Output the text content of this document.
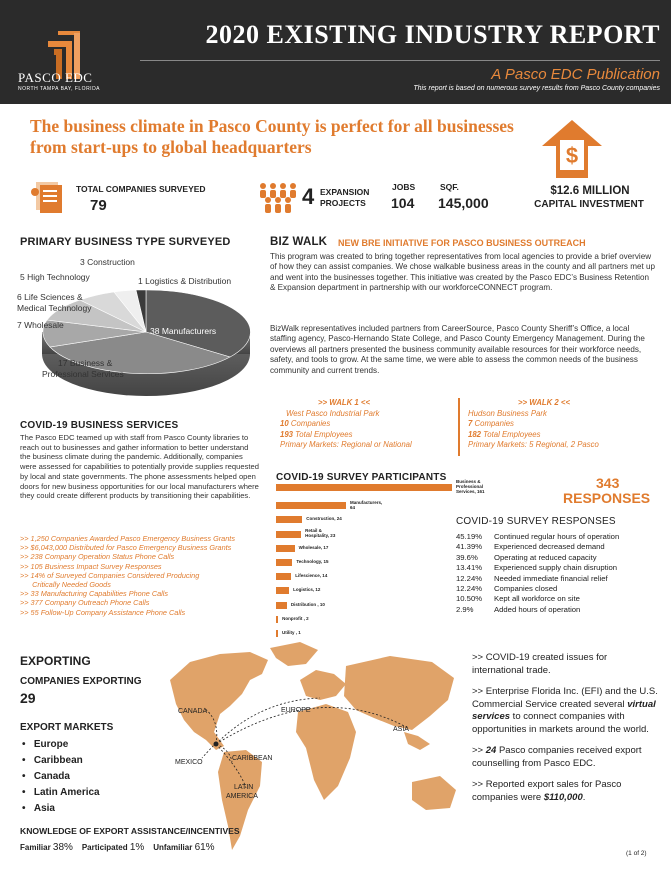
PASCO EDC
NORTH TAMPA BAY, FLORIDA
2020 EXISTING INDUSTRY REPORT
A Pasco EDC Publication
This report is based on numerous survey results from Pasco County companies
The business climate in Pasco County is perfect for all businesses from start-ups to global headquarters	$
TOTAL COMPANIES SURVEYED
79	4 EXPANSION
PROJECTS
JOBS
104
SQF.
145,000
$12.6 MILLION
CAPITAL INVESTMENT
PRIMARY BUSINESS TYPE SURVEYED
3 Construction
5 High Technology	1 Logistics & Distribution
6 Life Sciences &
Medical Technology
7 Wholesale
38 Manufacturers
17 Business &
Professional Services
BIZ WALK NEW BRE INITIATIVE FOR PASCO BUSINESS OUTREACH
This program was created to bring together representatives from local agencies to provide a brief overview of how they can assist companies. We chose walkable business areas in the county and all partners met up and went into the businesses together. This initiative was created by the Pasco EDC’s Business Retention & Expansion department in partnership with our workforceCONNECT program.
BizWalk representatives included partners from CareerSource, Pasco County Sheriff’s Office, a local staffing agency, Pasco-Hernando State College, and Pasco County Emergency Management. During the overviews all partners presented the business community available resources for their workforce needs, safety, and tools to grow. At the same time, we were able to assess the common needs of the business community and current trends.
>> WALK 1 <<
West Pasco Industrial Park
10 Companies
193 Total Employees
Primary Markets: Regional or National
>> WALK 2 <<
Hudson Business Park
7 Companies
182 Total Employees
Primary Markets: 5 Regional, 2 Pasco
COVID-19 BUSINESS SERVICES
The Pasco EDC teamed up with staff from Pasco County libraries to reach out to businesses and gather information to better understand the business climate during the pandemic. Additionally, companies were assessed for capabilities to potentially provide supplies requested by local and state governments. The phone assessments helped open doors for new business opportunities for our local manufacturers where they could create different products by transitioning their capabilities.
>> 1,250 Companies Awarded Pasco Emergency Business Grants
>> $6,043,000 Distributed for Pasco Emergency Business Grants
>> 238 Company Operation Status Phone Calls
>> 105 Business Impact Survey Responses
>> 14% of Surveyed Companies Considered Producing
Critically Needed Goods
>> 33 Manufacturing Capabilities Phone Calls
>> 377 Company Outreach Phone Calls
>> 55 Follow-Up Company Assistance Phone Calls
COVID-19 SURVEY PARTICIPANTS	343
RESPONSES
Business &
Professional
Services, 161
Manufacturers,
64
Construction, 24
Retail &
Hospitality, 23
Wholesale, 17
Technology, 15
Lifescience, 14
Logistics, 12
Distribution , 10
Nonprofit , 2
Utility , 1
COVID-19 SURVEY RESPONSES
45.19% Continued regular hours of operation
41.39% Experienced decreased demand
39.6% Operating at reduced capacity
13.41% Experienced supply chain disruption
12.24% Needed immediate financial relief
12.24% Companies closed
10.50% Kept all workforce on site
2.9%	Added hours of operation
EXPORTING
CANADA	EUROPE
ASIA
MEXICO
CARIBBEAN
LATIN
AMERICA
COMPANIES EXPORTING
29
EXPORT MARKETS
•   Europe
•   Caribbean
•   Canada
•   Latin America
•   Asia
KNOWLEDGE OF EXPORT ASSISTANCE/INCENTIVES
Familiar 38% Participated 1% Unfamiliar 61%
>> COVID-19 created issues for international trade.
>> Enterprise Florida Inc. (EFI) and the U.S. Commercial Service created several virtual services to connect companies with opportunities in markets around the world.
>> 24 Pasco companies received export counselling from Pasco EDC.
>> Reported export sales for Pasco companies were $110,000.
(1 of 2)
